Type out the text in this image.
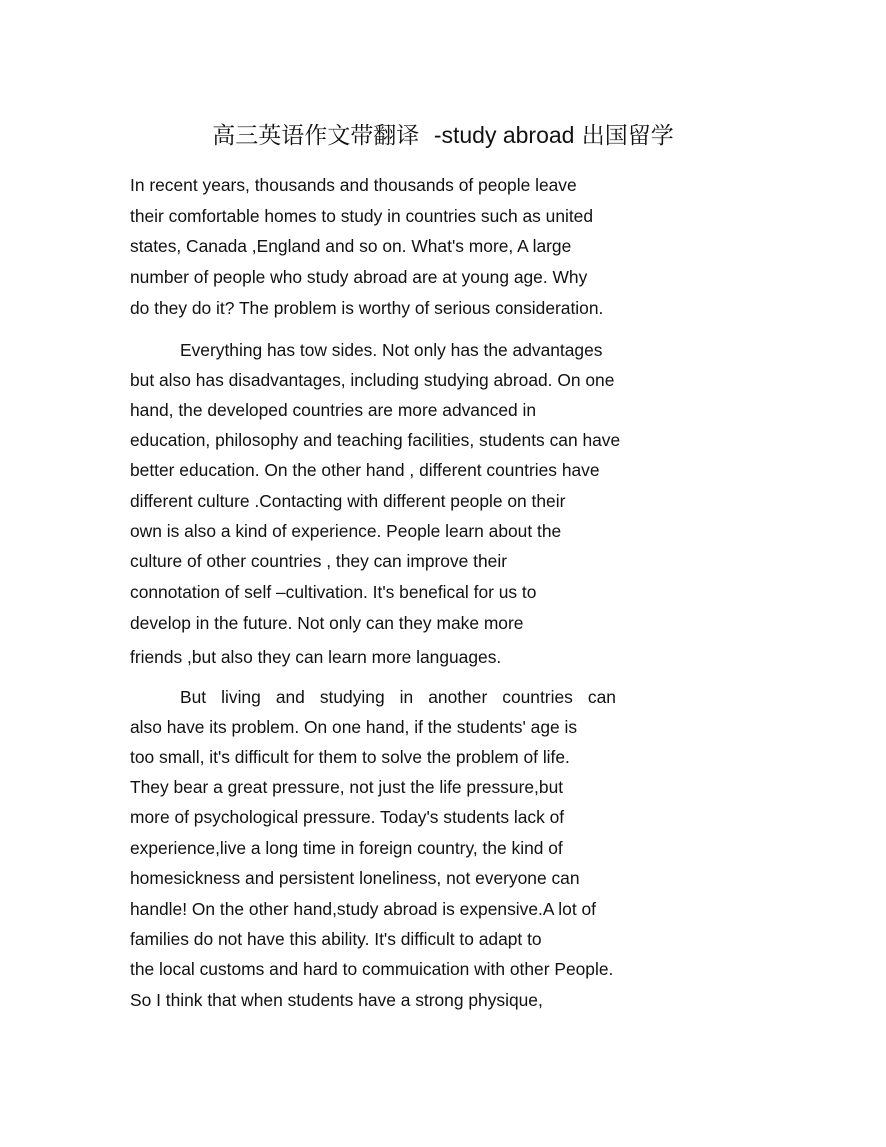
高三英语作文带翻译 -study abroad 出国留学
In recent years, thousands and thousands of people leave
their comfortable homes to study in countries such as united
states, Canada ,England and so on. What's more, A large
number of people who study abroad are at young age. Why
do they do it? The problem is worthy of serious consideration.
Everything has tow sides. Not only has the advantages
but also has disadvantages, including studying abroad. On one
hand, the developed countries are more advanced in
education, philosophy and teaching facilities, students can have
better education. On the other hand , different countries have
different culture .Contacting with different people on their
own is also a kind of experience. People learn about the
culture of other countries , they can improve their
connotation of self –cultivation. It's benefical for us to
develop in the future. Not only can they make more
friends ,but also they can learn more languages.
But living and studying in another countries can
also have its problem. On one hand, if the students' age is
too small, it's difficult for them to solve the problem of life.
They bear a great pressure, not just the life pressure,but
more of psychological pressure. Today's students lack of
experience,live a long time in foreign country, the kind of
homesickness and persistent loneliness, not everyone can
handle! On the other hand,study abroad is expensive.A lot of
families do not have this ability. It's difficult to adapt to
the local customs and hard to commuication with other People.
So I think that when students have a strong physique,
